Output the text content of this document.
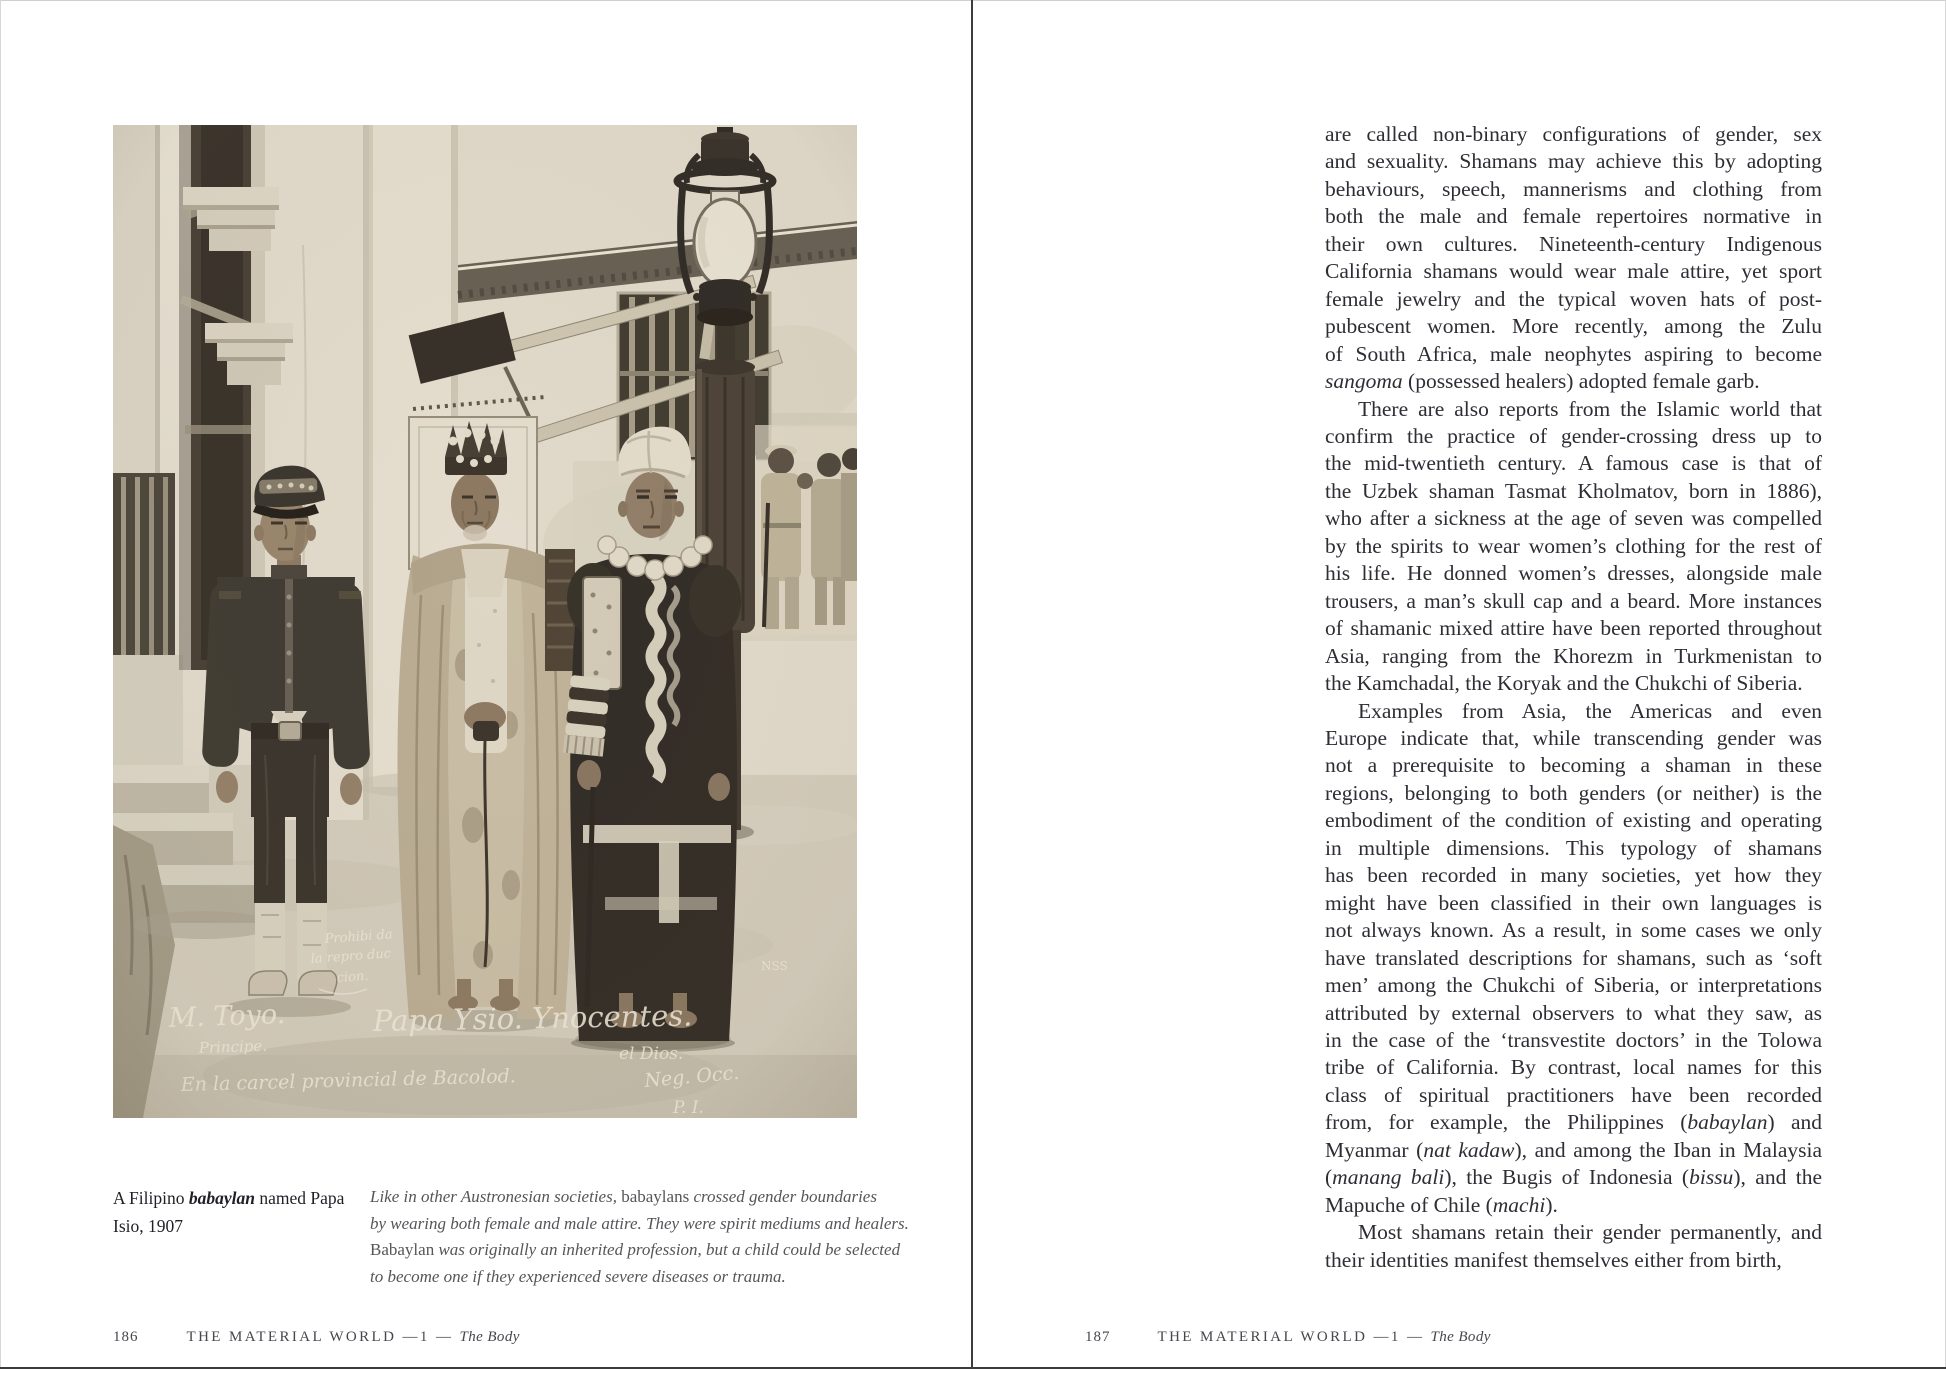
A Filipino babaylan named Papa
Isio, 1907
Like in other Austronesian societies, babaylans crossed gender boundaries
by wearing both female and male attire. They were spirit mediums and healers.
Babaylan was originally an inherited profession, but a child could be selected
to become one if they experienced severe diseases or trauma.
186	THE MATERIAL WORLD —1 — The Body
are called non-binary configurations of gender, sex
and sexuality. Shamans may achieve this by adopting
behaviours, speech, mannerisms and clothing from
both the male and female repertoires normative in
their own cultures. Nineteenth-century Indigenous
California shamans would wear male attire, yet sport
female jewelry and the typical woven hats of post-
pubescent women. More recently, among the Zulu
of South Africa, male neophytes aspiring to become
sangoma (possessed healers) adopted female garb.
There are also reports from the Islamic world that
confirm the practice of gender-crossing dress up to
the mid-twentieth century. A famous case is that of
the Uzbek shaman Tasmat Kholmatov, born in 1886),
who after a sickness at the age of seven was compelled
by the spirits to wear women’s clothing for the rest of
his life. He donned women’s dresses, alongside male
trousers, a man’s skull cap and a beard. More instances
of shamanic mixed attire have been reported throughout
Asia, ranging from the Khorezm in Turkmenistan to
the Kamchadal, the Koryak and the Chukchi of Siberia.
Examples from Asia, the Americas and even
Europe indicate that, while transcending gender was
not a prerequisite to becoming a shaman in these
regions, belonging to both genders (or neither) is the
embodiment of the condition of existing and operating
in multiple dimensions. This typology of shamans
has been recorded in many societies, yet how they
might have been classified in their own languages is
not always known. As a result, in some cases we only
have translated descriptions for shamans, such as ‘soft
men’ among the Chukchi of Siberia, or interpretations
attributed by external observers to what they saw, as
in the case of the ‘transvestite doctors’ in the Tolowa
tribe of California. By contrast, local names for this
class of spiritual practitioners have been recorded
from, for example, the Philippines (babaylan) and
Myanmar (nat kadaw), and among the Iban in Malaysia
(manang bali), the Bugis of Indonesia (bissu), and the
Mapuche of Chile (machi).
Most shamans retain their gender permanently, and
their identities manifest themselves either from birth,
187	THE MATERIAL WORLD —1 — The Body
